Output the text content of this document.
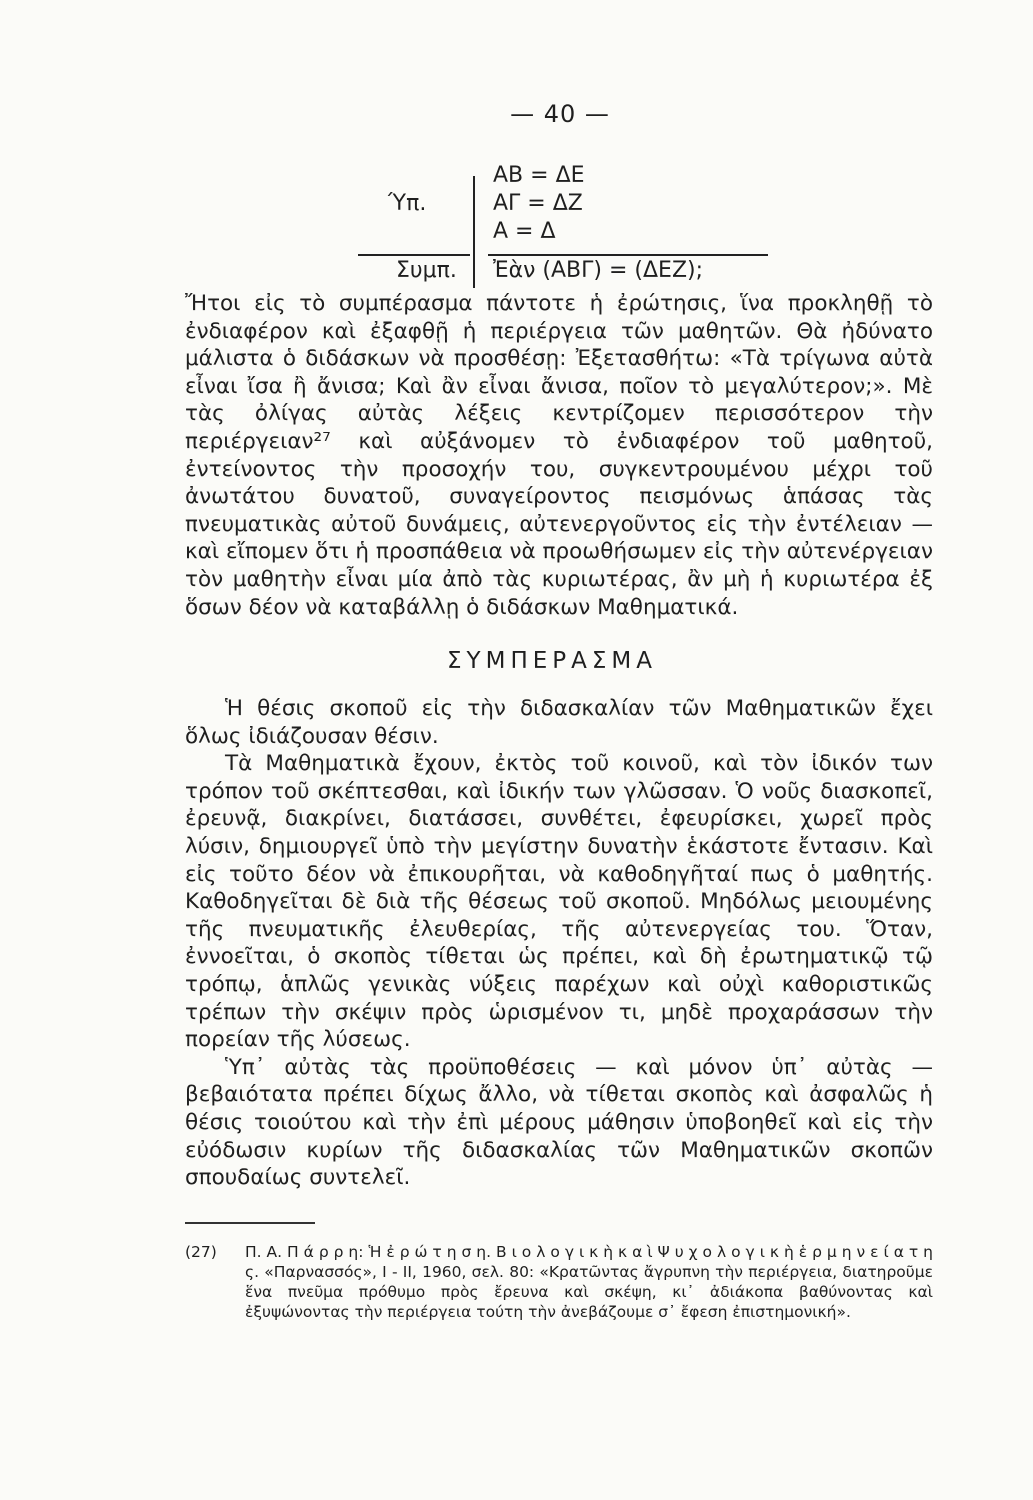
— 40 —
Ύπ.
ΑΒ = ΔΕ
ΑΓ = ΔΖ
Α = Δ
Συμπ. Ἐὰν (ΑΒΓ) = (ΔΕΖ);

Ἤτοι εἰς τὸ συμπέρασμα πάντοτε ἡ ἐρώτησις, ἵνα προκληθῇ τὸ ἐνδιαφέρον καὶ ἐξαφθῇ ἡ περιέργεια τῶν μαθητῶν. Θὰ ἠδύνατο μάλιστα ὁ διδάσκων νὰ προσθέσῃ: Ἐξετασθήτω: «Τὰ τρίγωνα αὐτὰ εἶναι ἴσα ἢ ἄνισα; Καὶ ἂν εἶναι ἄνισα, ποῖον τὸ μεγαλύτερον;». Μὲ τὰς ὀλίγας αὐτὰς λέξεις κεντρίζομεν περισσότερον τὴν περιέργειαν²⁷ καὶ αὐξάνομεν τὸ ἐνδιαφέρον τοῦ μαθητοῦ, ἐντείνοντος τὴν προσοχήν του, συγκεντρουμένου μέχρι τοῦ ἀνωτάτου δυνατοῦ, συναγείροντος πεισμόνως ἁπάσας τὰς πνευματικὰς αὐτοῦ δυνάμεις, αὐτενεργοῦντος εἰς τὴν ἐντέλειαν — καὶ εἴπομεν ὅτι ἡ προσπάθεια νὰ προωθήσωμεν εἰς τὴν αὐτενέργειαν τὸν μαθητὴν εἶναι μία ἀπὸ τὰς κυριωτέρας, ἂν μὴ ἡ κυριωτέρα ἐξ ὅσων δέον νὰ καταβάλλῃ ὁ διδάσκων Μαθηματικά.

ΣΥΜΠΕΡΑΣΜΑ

Ἡ θέσις σκοποῦ εἰς τὴν διδασκαλίαν τῶν Μαθηματικῶν ἔχει ὅλως ἰδιάζουσαν θέσιν.

Τὰ Μαθηματικὰ ἔχουν, ἐκτὸς τοῦ κοινοῦ, καὶ τὸν ἰδικόν των τρόπον τοῦ σκέπτεσθαι, καὶ ἰδικήν των γλῶσσαν. Ὁ νοῦς διασκοπεῖ, ἐρευνᾷ, διακρίνει, διατάσσει, συνθέτει, ἐφευρίσκει, χωρεῖ πρὸς λύσιν, δημιουργεῖ ὑπὸ τὴν μεγίστην δυνατὴν ἑκάστοτε ἔντασιν. Καὶ εἰς τοῦτο δέον νὰ ἐπικουρῆται, νὰ καθοδηγῆταί πως ὁ μαθητής. Καθοδηγεῖται δὲ διὰ τῆς θέσεως τοῦ σκοποῦ. Μηδόλως μειουμένης τῆς πνευματικῆς ἐλευθερίας, τῆς αὐτενεργείας του. Ὅταν, ἐννοεῖται, ὁ σκοπὸς τίθεται ὡς πρέπει, καὶ δὴ ἐρωτηματικῷ τῷ τρόπῳ, ἁπλῶς γενικὰς νύξεις παρέχων καὶ οὐχὶ καθοριστικῶς τρέπων τὴν σκέψιν πρὸς ὡρισμένον τι, μηδὲ προχαράσσων τὴν πορείαν τῆς λύσεως.

Ὑπ᾽ αὐτὰς τὰς προϋποθέσεις — καὶ μόνον ὑπ᾽ αὐτὰς — βεβαιότατα πρέπει δίχως ἄλλο, νὰ τίθεται σκοπὸς καὶ ἀσφαλῶς ἡ θέσις τοιούτου καὶ τὴν ἐπὶ μέρους μάθησιν ὑποβοηθεῖ καὶ εἰς τὴν εὐόδωσιν κυρίων τῆς διδασκαλίας τῶν Μαθηματικῶν σκοπῶν σπουδαίως συντελεῖ.

(27) Π. Α. Π ά ρ ρ η: Ἡ ἐ ρ ώ τ η σ η. Β ι ο λ ο γ ι κ ὴ κ α ὶ Ψ υ χ ο λ ο γ ι κ ὴ ἑ ρ μ η ν ε ί α τ η ς. «Παρνασσός», Ι - ΙΙ, 1960, σελ. 80: «Κρατῶντας ἄγρυπνη τὴν περιέργεια, διατηροῦμε ἕνα πνεῦμα πρόθυμο πρὸς ἔρευνα καὶ σκέψη, κι᾽ ἀδιάκοπα βαθύνοντας καὶ ἐξυψώνοντας τὴν περιέργεια τούτη τὴν ἀνεβάζουμε σ᾽ ἔφεση ἐπιστημονική».
